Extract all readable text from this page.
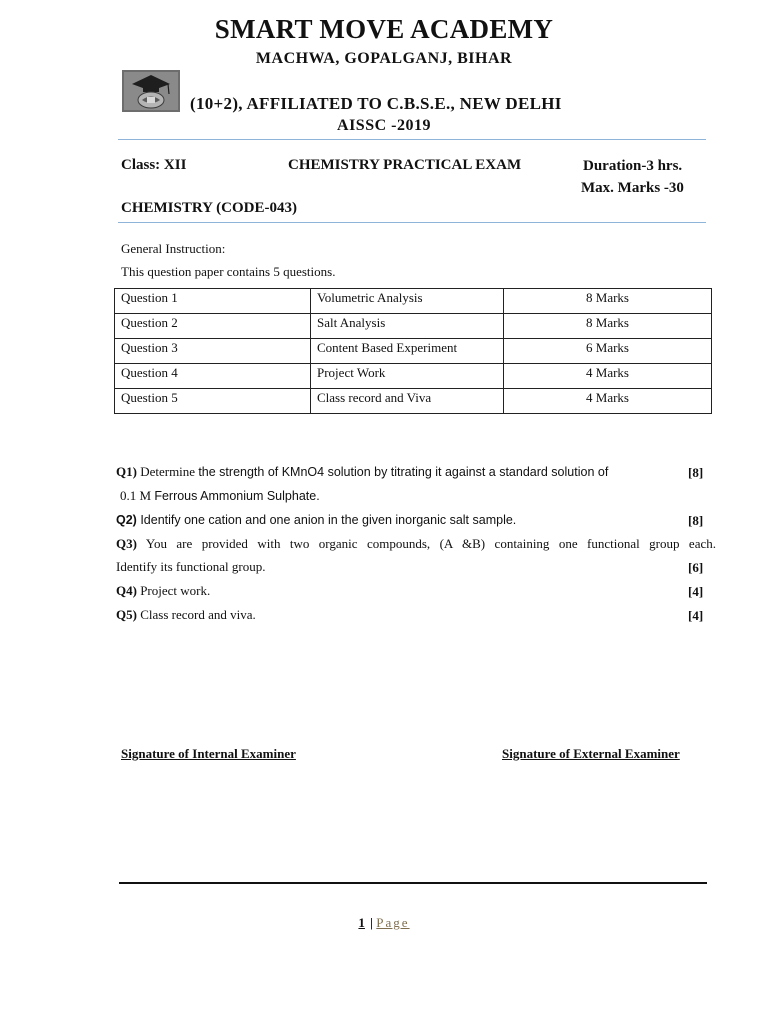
SMART MOVE ACADEMY
MACHWA, GOPALGANJ, BIHAR
(10+2), AFFILIATED TO C.B.S.E., NEW DELHI
AISSC -2019
Class: XII	CHEMISTRY PRACTICAL EXAM	Duration-3 hrs.
Max. Marks -30
CHEMISTRY (CODE-043)
General Instruction:
This question paper contains 5 questions.
Question 1	Volumetric Analysis	8 Marks
Question 2	Salt Analysis	8 Marks
Question 3	Content Based Experiment	6 Marks
Question 4	Project Work	4 Marks
Question 5	Class record and Viva	4 Marks
Q1) Determine the strength of KMnO4 solution by titrating it against a standard solution of	[8]
0.1 M Ferrous Ammonium Sulphate.
Q2) Identify one cation and one anion in the given inorganic salt sample.	[8]
Q3) You are provided with two organic compounds, (A &B) containing one functional group each.
Identify its functional group.	[6]
Q4) Project work.	[4]
Q5) Class record and viva.	[4]
Signature of Internal Examiner	Signature of External Examiner
1 | Page
